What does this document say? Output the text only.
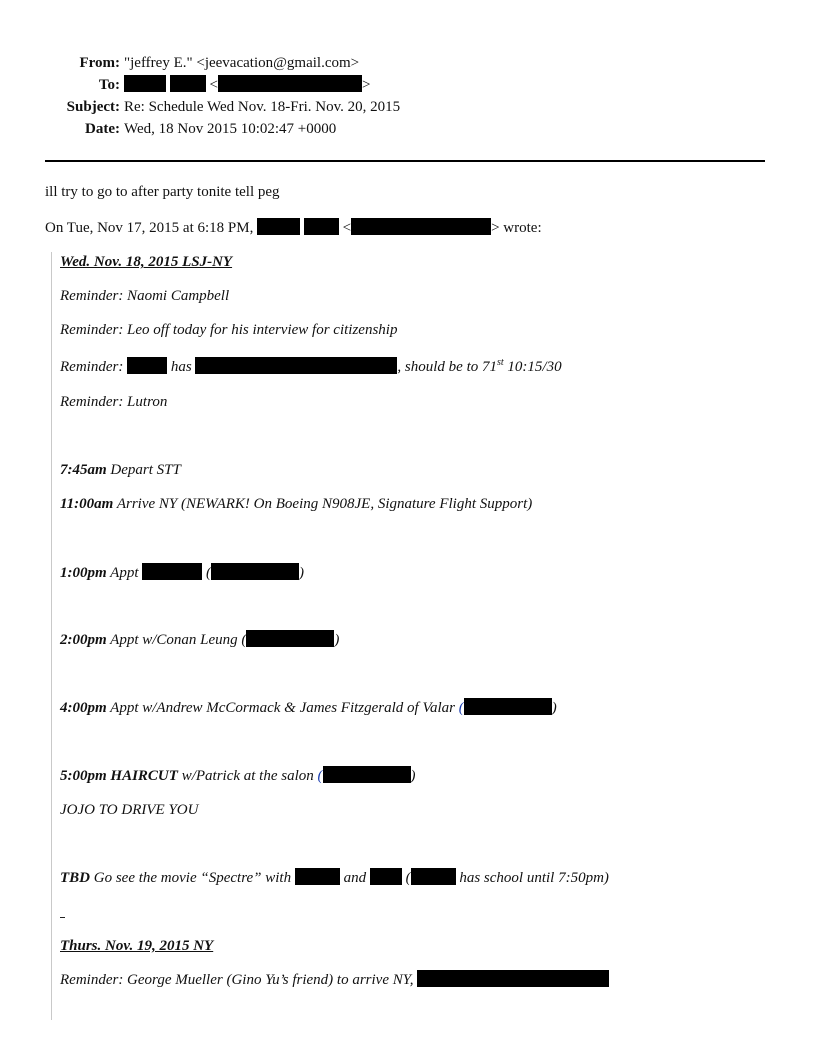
From: "jeffrey E." <jeevacation@gmail.com>
To:	<	>
Subject: Re: Schedule Wed Nov. 18-Fri. Nov. 20, 2015
Date: Wed, 18 Nov 2015 10:02:47 +0000
ill try to go to after party tonite tell peg
On Tue, Nov 17, 2015 at 6:18 PM,	<	> wrote:
Wed. Nov. 18, 2015 LSJ-NY
Reminder: Naomi Campbell
Reminder: Leo off today for his interview for citizenship
Reminder:	has	, should be to 71st 10:15/30
Reminder: Lutron
7:45am Depart STT
11:00am Arrive NY (NEWARK! On Boeing N908JE, Signature Flight Support)
1:00pm Appt	(	)
2:00pm Appt w/Conan Leung (	)
4:00pm Appt w/Andrew McCormack & James Fitzgerald of Valar (	)
5:00pm HAIRCUT w/Patrick at the salon (	)
JOJO TO DRIVE YOU
TBD Go see the movie “Spectre” with	and	(	has school until 7:50pm)
Thurs. Nov. 19, 2015 NY
Reminder: George Mueller (Gino Yu’s friend) to arrive NY,
